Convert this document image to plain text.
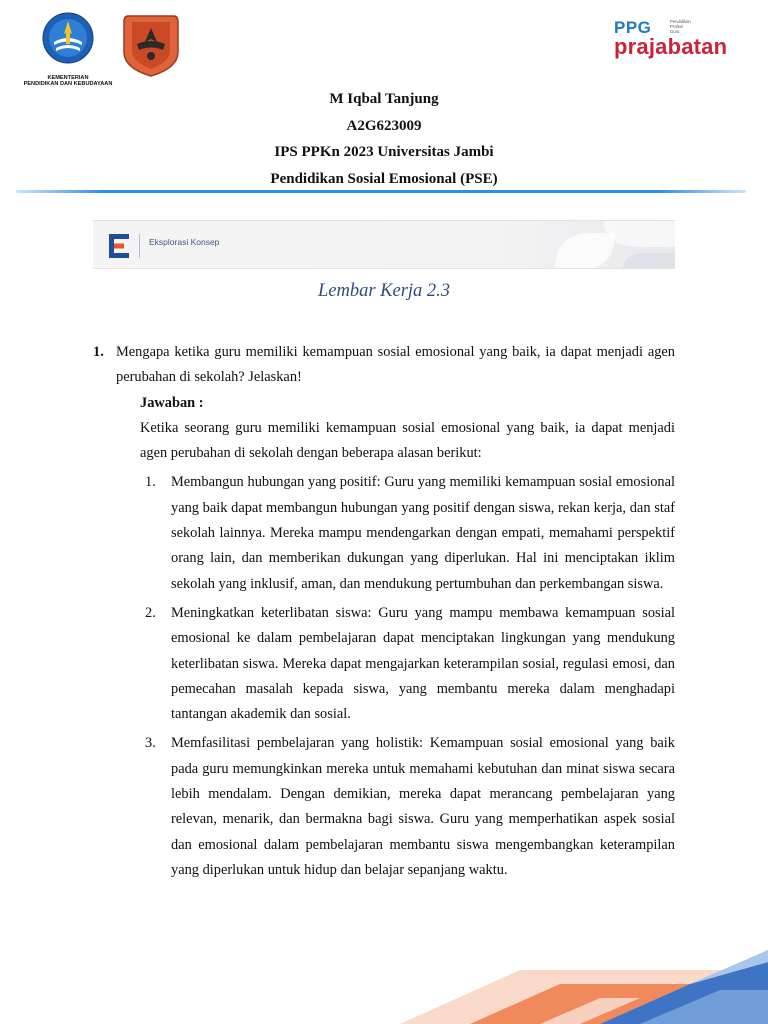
KEMENTERIAN
PENDIDIKAN DAN KEBUDAYAAN
PPG	Pendidikan
Profesi
Guru
prajabatan
M Iqbal Tanjung
A2G623009
IPS PPKn 2023 Universitas Jambi
Pendidikan Sosial Emosional (PSE)
Eksplorasi Konsep
Lembar Kerja 2.3
1. Mengapa ketika guru memiliki kemampuan sosial emosional yang baik, ia dapat menjadi agen perubahan di sekolah? Jelaskan!
Jawaban :
Ketika seorang guru memiliki kemampuan sosial emosional yang baik, ia dapat menjadi agen perubahan di sekolah dengan beberapa alasan berikut:
1.	Membangun hubungan yang positif: Guru yang memiliki kemampuan sosial emosional yang baik dapat membangun hubungan yang positif dengan siswa, rekan kerja, dan staf sekolah lainnya. Mereka mampu mendengarkan dengan empati, memahami perspektif orang lain, dan memberikan dukungan yang diperlukan. Hal ini menciptakan iklim sekolah yang inklusif, aman, dan mendukung pertumbuhan dan perkembangan siswa.
2.	Meningkatkan keterlibatan siswa: Guru yang mampu membawa kemampuan sosial emosional ke dalam pembelajaran dapat menciptakan lingkungan yang mendukung keterlibatan siswa. Mereka dapat mengajarkan keterampilan sosial, regulasi emosi, dan pemecahan masalah kepada siswa, yang membantu mereka dalam menghadapi tantangan akademik dan sosial.
3.	Memfasilitasi pembelajaran yang holistik: Kemampuan sosial emosional yang baik pada guru memungkinkan mereka untuk memahami kebutuhan dan minat siswa secara lebih mendalam. Dengan demikian, mereka dapat merancang pembelajaran yang relevan, menarik, dan bermakna bagi siswa. Guru yang memperhatikan aspek sosial dan emosional dalam pembelajaran membantu siswa mengembangkan keterampilan yang diperlukan untuk hidup dan belajar sepanjang waktu.
